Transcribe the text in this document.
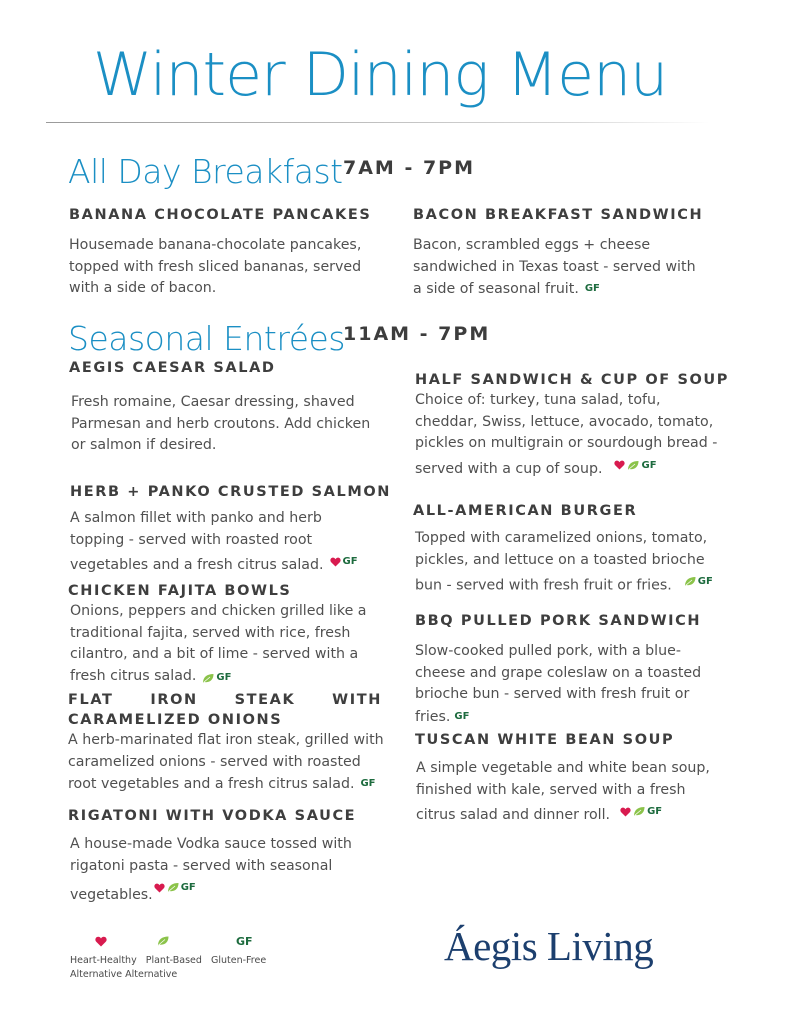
Winter Dining Menu
All Day Breakfast 7AM - 7PM
BANANA CHOCOLATE PANCAKES
Housemade banana-chocolate pancakes, topped with fresh sliced bananas, served with a side of bacon.
BACON BREAKFAST SANDWICH
Bacon, scrambled eggs + cheese sandwiched in Texas toast - served with a side of seasonal fruit. GF
Seasonal Entrées
11AM - 7PM
AEGIS CAESAR SALAD
Fresh romaine, Caesar dressing, shaved Parmesan and herb croutons. Add chicken or salmon if desired.
HERB + PANKO CRUSTED SALMON
A salmon fillet with panko and herb topping - served with roasted root vegetables and a fresh citrus salad. GF
CHICKEN FAJITA BOWLS
Onions, peppers and chicken grilled like a traditional fajita, served with rice, fresh cilantro, and a bit of lime - served with a fresh citrus salad. GF
FLAT	IRON	STEAK	WITH
CARAMELIZED ONIONS
A herb-marinated flat iron steak, grilled with caramelized onions - served with roasted root vegetables and a fresh citrus salad. GF
RIGATONI WITH VODKA SAUCE
A house-made Vodka sauce tossed with rigatoni pasta - served with seasonal vegetables.	GF
HALF SANDWICH & CUP OF SOUP
Choice of: turkey, tuna salad, tofu, cheddar, Swiss, lettuce, avocado, tomato, pickles on multigrain or sourdough bread - served with a cup of soup.	GF
ALL-AMERICAN BURGER
Topped with caramelized onions, tomato, pickles, and lettuce on a toasted brioche bun - served with fresh fruit or fries.	GF
BBQ PULLED PORK SANDWICH
Slow-cooked pulled pork, with a blue-cheese and grape coleslaw on a toasted brioche bun - served with fresh fruit or fries. GF
TUSCAN WHITE BEAN SOUP
A simple vegetable and white bean soup, finished with kale, served with a fresh citrus salad and dinner roll.	GF
GF
Heart-Healthy   Plant-Based   Gluten-Free
Alternative Alternative
Áegis Living
